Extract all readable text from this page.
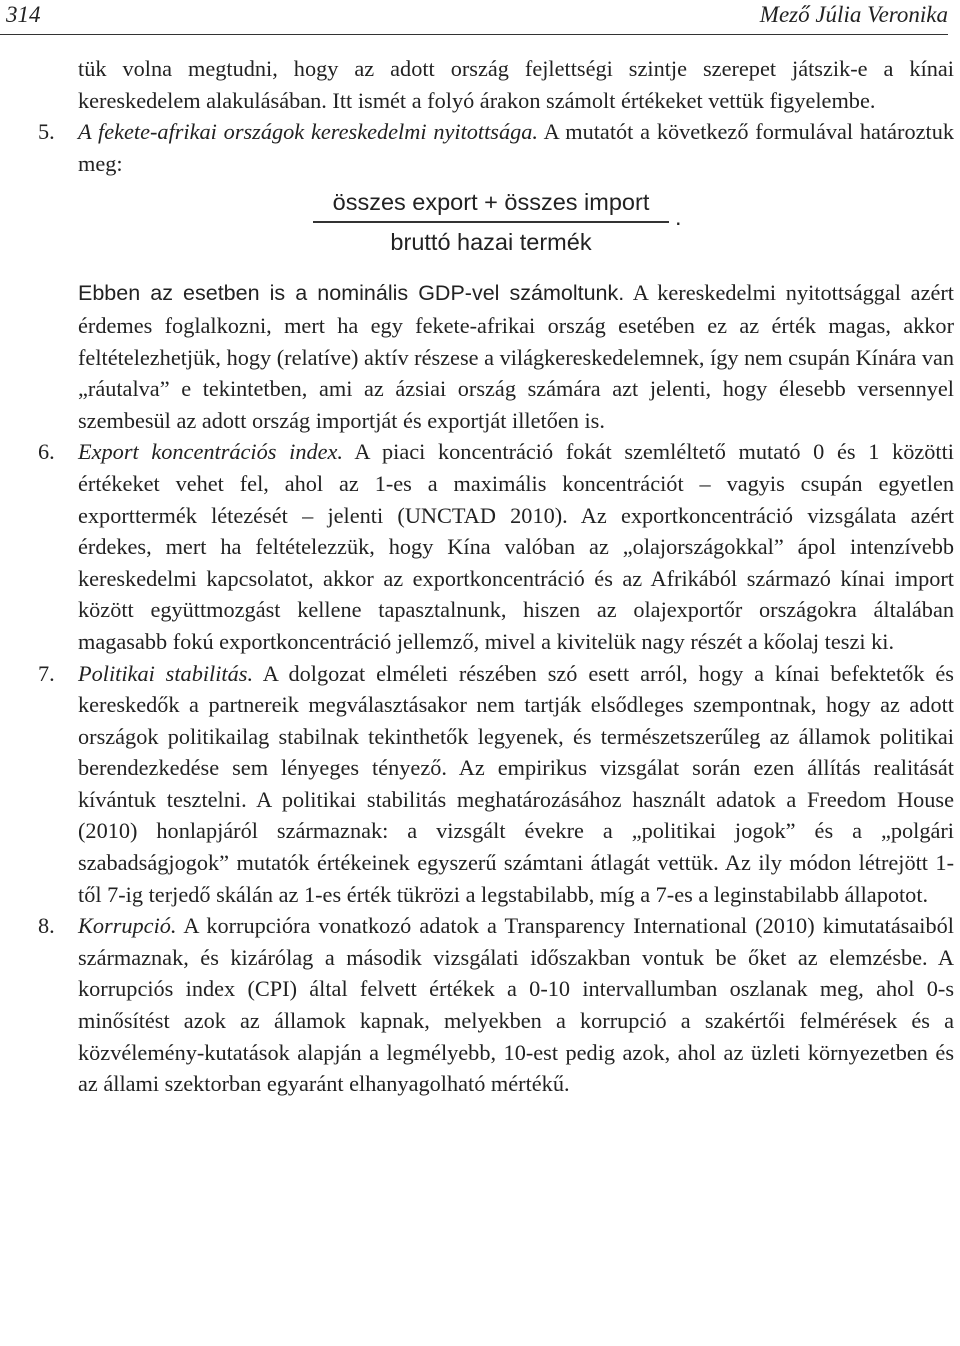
314	Mező Júlia Veronika

tük volna megtudni, hogy az adott ország fejlettségi szintje szerepet játszik-e a kínai kereskedelem alakulásában. Itt ismét a folyó árakon számolt értékeket vettük figyelembe.

5. A fekete-afrikai országok kereskedelmi nyitottsága. A mutatót a következő formulával határoztuk meg:

összes export + összes import
bruttó hazai termék
.

Ebben az esetben is a nominális GDP-vel számoltunk. A kereskedelmi nyitottsággal azért érdemes foglalkozni, mert ha egy fekete-afrikai ország esetében ez az érték magas, akkor feltételezhetjük, hogy (relatíve) aktív részese a világkereskedelemnek, így nem csupán Kínára van „ráutalva” e tekintetben, ami az ázsiai ország számára azt jelenti, hogy élesebb versennyel szembesül az adott ország importját és exportját illetően is.

6. Export koncentrációs index. A piaci koncentráció fokát szemléltető mutató 0 és 1 közötti értékeket vehet fel, ahol az 1-es a maximális koncentrációt – vagyis csupán egyetlen exporttermék létezését – jelenti (UNCTAD 2010). Az exportkoncentráció vizsgálata azért érdekes, mert ha feltételezzük, hogy Kína valóban az „olajországokkal” ápol intenzívebb kereskedelmi kapcsolatot, akkor az exportkoncentráció és az Afrikából származó kínai import között együttmozgást kellene tapasztalnunk, hiszen az olajexportőr országokra általában magasabb fokú exportkoncentráció jellemző, mivel a kivitelük nagy részét a kőolaj teszi ki.

7. Politikai stabilitás. A dolgozat elméleti részében szó esett arról, hogy a kínai befektetők és kereskedők a partnereik megválasztásakor nem tartják elsődleges szempontnak, hogy az adott országok politikailag stabilnak tekinthetők legyenek, és természetszerűleg az államok politikai berendezkedése sem lényeges tényező. Az empirikus vizsgálat során ezen állítás realitását kívántuk tesztelni. A politikai stabilitás meghatározásához használt adatok a Freedom House (2010) honlapjáról származnak: a vizsgált évekre a „politikai jogok” és a „polgári szabadságjogok” mutatók értékeinek egyszerű számtani átlagát vettük. Az ily módon létrejött 1-től 7-ig terjedő skálán az 1-es érték tükrözi a legstabilabb, míg a 7-es a leginstabilabb állapotot.

8. Korrupció. A korrupcióra vonatkozó adatok a Transparency International (2010) kimutatásaiból származnak, és kizárólag a második vizsgálati időszakban vontuk be őket az elemzésbe. A korrupciós index (CPI) által felvett értékek a 0-10 intervallumban oszlanak meg, ahol 0-s minősítést azok az államok kapnak, melyekben a korrupció a szakértői felmérések és a közvélemény-kutatások alapján a legmélyebb, 10-est pedig azok, ahol az üzleti környezetben és az állami szektorban egyaránt elhanyagolható mértékű.
